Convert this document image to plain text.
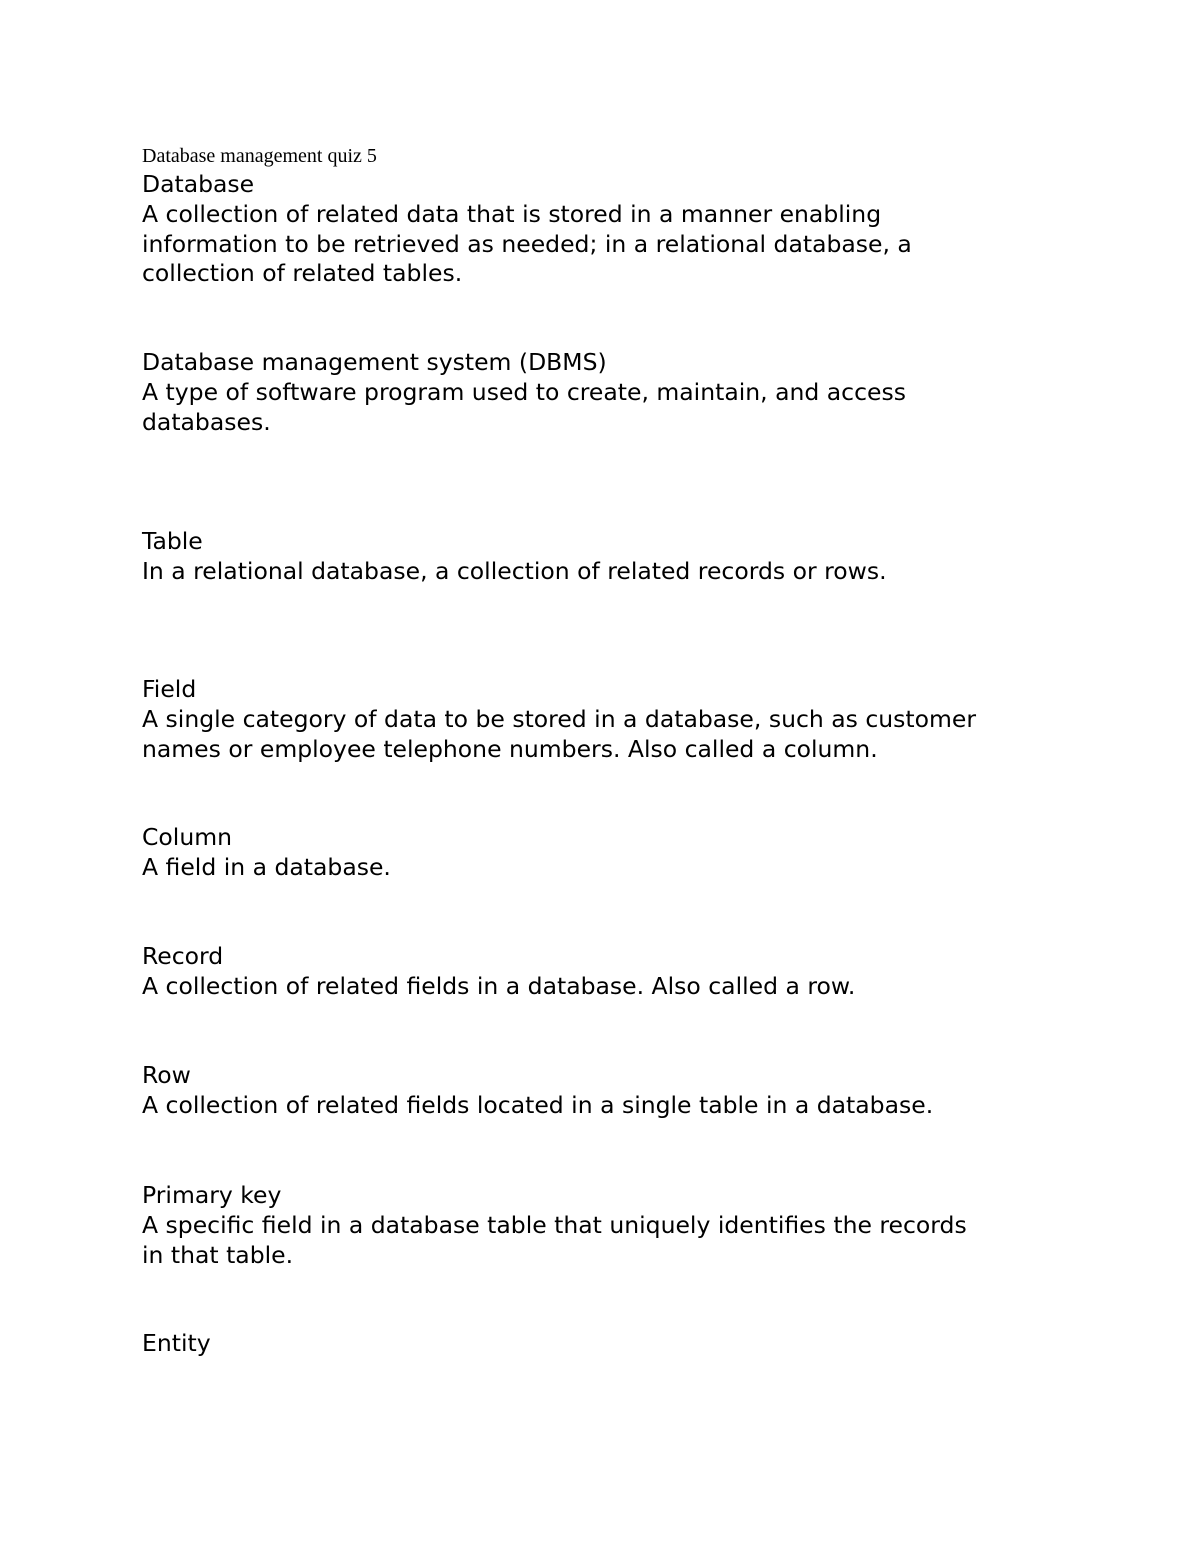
Database management quiz 5
Database
A collection of related data that is stored in a manner enabling
information to be retrieved as needed; in a relational database, a
collection of related tables.
Database management system (DBMS)
A type of software program used to create, maintain, and access
databases.
Table
In a relational database, a collection of related records or rows.
Field
A single category of data to be stored in a database, such as customer
names or employee telephone numbers. Also called a column.
Column
A field in a database.
Record
A collection of related fields in a database. Also called a row.
Row
A collection of related fields located in a single table in a database.
Primary key
A specific field in a database table that uniquely identifies the records
in that table.
Entity
